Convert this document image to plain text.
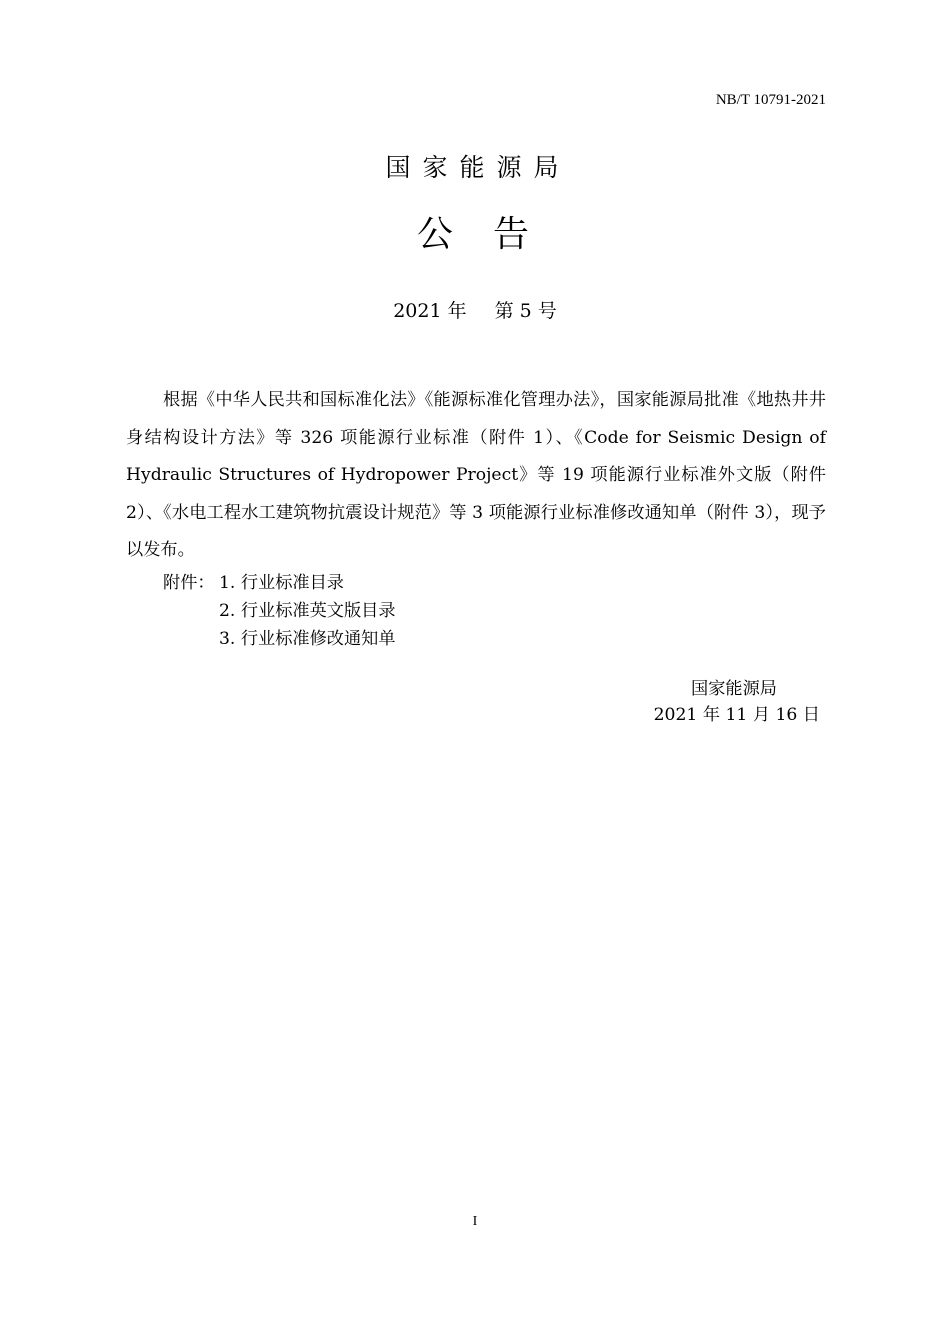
NB/T 10791-2021
国家能源局
公告
2021 年 第 5 号
根据《中华人民共和国标准化法》《能源标准化管理办法》，国家能源局批准《地热井井身结构设计方法》等 326 项能源行业标准（附件 1）、《Code for Seismic Design of Hydraulic Structures of Hydropower Project》等 19 项能源行业标准外文版（附件 2）、《水电工程水工建筑物抗震设计规范》等 3 项能源行业标准修改通知单（附件 3），现予以发布。
附件： 1. 行业标准目录
2. 行业标准英文版目录
3. 行业标准修改通知单
国家能源局
2021 年 11 月 16 日
I
